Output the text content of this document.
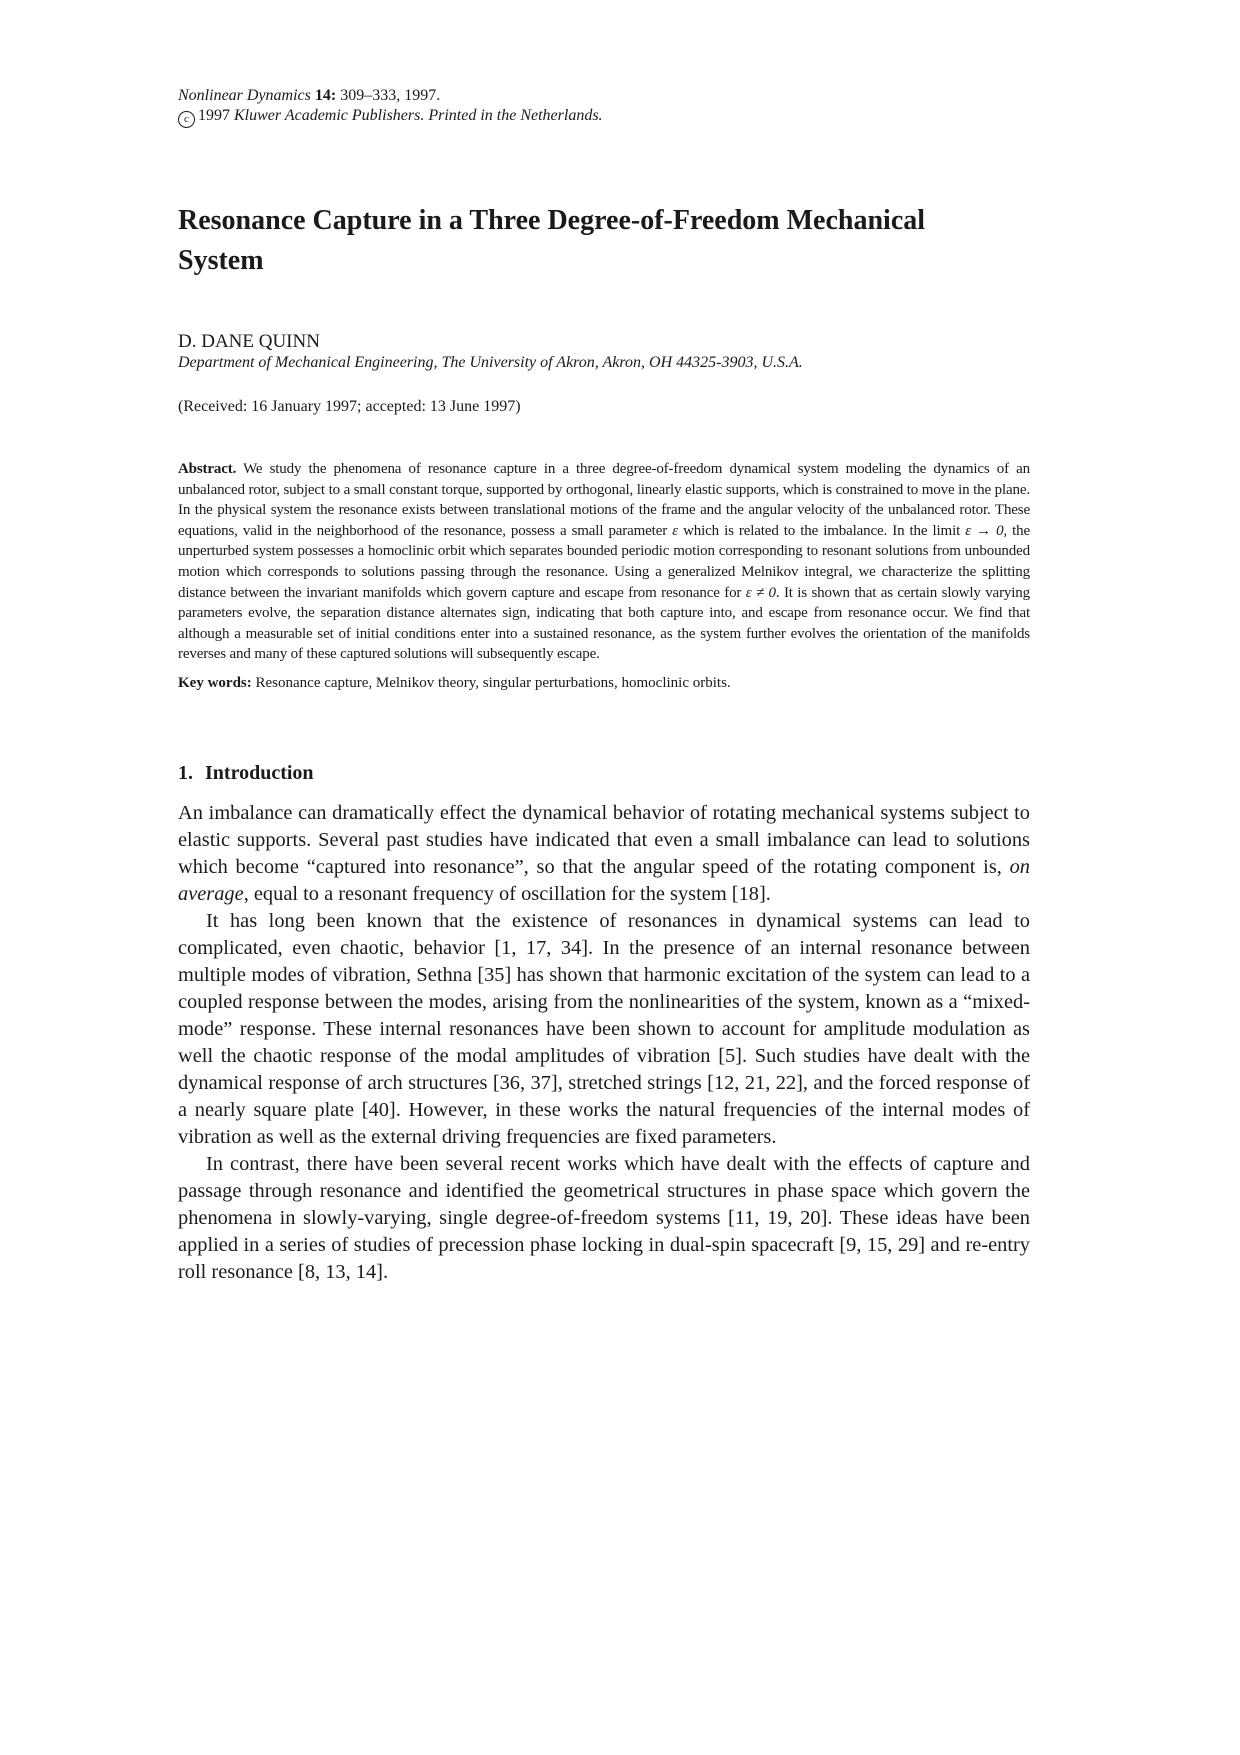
Nonlinear Dynamics 14: 309–333, 1997.
c 1997 Kluwer Academic Publishers. Printed in the Netherlands.
Resonance Capture in a Three Degree-of-Freedom Mechanical System
D. DANE QUINN
Department of Mechanical Engineering, The University of Akron, Akron, OH 44325-3903, U.S.A.
(Received: 16 January 1997; accepted: 13 June 1997)
Abstract. We study the phenomena of resonance capture in a three degree-of-freedom dynamical system modeling the dynamics of an unbalanced rotor, subject to a small constant torque, supported by orthogonal, linearly elastic supports, which is constrained to move in the plane. In the physical system the resonance exists between translational motions of the frame and the angular velocity of the unbalanced rotor. These equations, valid in the neighborhood of the resonance, possess a small parameter ε which is related to the imbalance. In the limit ε → 0, the unperturbed system possesses a homoclinic orbit which separates bounded periodic motion corresponding to resonant solutions from unbounded motion which corresponds to solutions passing through the resonance. Using a generalized Melnikov integral, we characterize the splitting distance between the invariant manifolds which govern capture and escape from resonance for ε ≠ 0. It is shown that as certain slowly varying parameters evolve, the separation distance alternates sign, indicating that both capture into, and escape from resonance occur. We find that although a measurable set of initial conditions enter into a sustained resonance, as the system further evolves the orientation of the manifolds reverses and many of these captured solutions will subsequently escape.
Key words: Resonance capture, Melnikov theory, singular perturbations, homoclinic orbits.
1. Introduction

An imbalance can dramatically effect the dynamical behavior of rotating mechanical systems subject to elastic supports. Several past studies have indicated that even a small imbalance can lead to solutions which become “captured into resonance”, so that the angular speed of the rotating component is, on average, equal to a resonant frequency of oscillation for the system [18].

It has long been known that the existence of resonances in dynamical systems can lead to complicated, even chaotic, behavior [1, 17, 34]. In the presence of an internal resonance between multiple modes of vibration, Sethna [35] has shown that harmonic excitation of the system can lead to a coupled response between the modes, arising from the nonlinearities of the system, known as a “mixed-mode” response. These internal resonances have been shown to account for amplitude modulation as well the chaotic response of the modal amplitudes of vibration [5]. Such studies have dealt with the dynamical response of arch structures [36, 37], stretched strings [12, 21, 22], and the forced response of a nearly square plate [40]. However, in these works the natural frequencies of the internal modes of vibration as well as the external driving frequencies are fixed parameters.

In contrast, there have been several recent works which have dealt with the effects of capture and passage through resonance and identified the geometrical structures in phase space which govern the phenomena in slowly-varying, single degree-of-freedom systems [11, 19, 20]. These ideas have been applied in a series of studies of precession phase locking in dual-spin spacecraft [9, 15, 29] and re-entry roll resonance [8, 13, 14].
